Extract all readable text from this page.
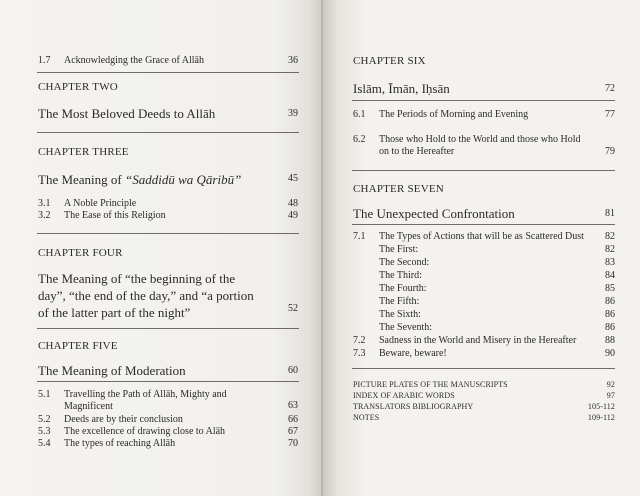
1.7 Acknowledging the Grace of Allāh	36
CHAPTER TWO
The Most Beloved Deeds to Allāh	39
CHAPTER THREE
The Meaning of “Saddidū wa Qāribū”	45
3.1 A Noble Principle	48
3.2 The Ease of this Religion	49
CHAPTER FOUR
The Meaning of “the beginning of the
day”, “the end of the day,” and “a portion
of the latter part of the night”	52
CHAPTER FIVE
The Meaning of Moderation	60
5.1 Travelling the Path of Allāh, Mighty and
Magnificent	63
5.2 Deeds are by their conclusion	66
5.3 The excellence of drawing close to Alāh	67
5.4 The types of reaching Allāh	70
CHAPTER SIX
Islām, Īmān, Iḥsān	72
6.1 The Periods of Morning and Evening	77
6.2 Those who Hold to the World and those who Hold
on to the Hereafter	79
CHAPTER SEVEN
The Unexpected Confrontation	81
7.1 The Types of Actions that will be as Scattered Dust	82
The First:	82
The Second:	83
The Third:	84
The Fourth:	85
The Fifth:	86
The Sixth:	86
The Seventh:	86
7.2 Sadness in the World and Misery in the Hereafter	88
7.3 Beware, beware!	90
PICTURE PLATES OF THE MANUSCRIPTS	92
INDEX OF ARABIC WORDS	97
TRANSLATORS BIBLIOGRAPHY	105-112
NOTES	109-112
